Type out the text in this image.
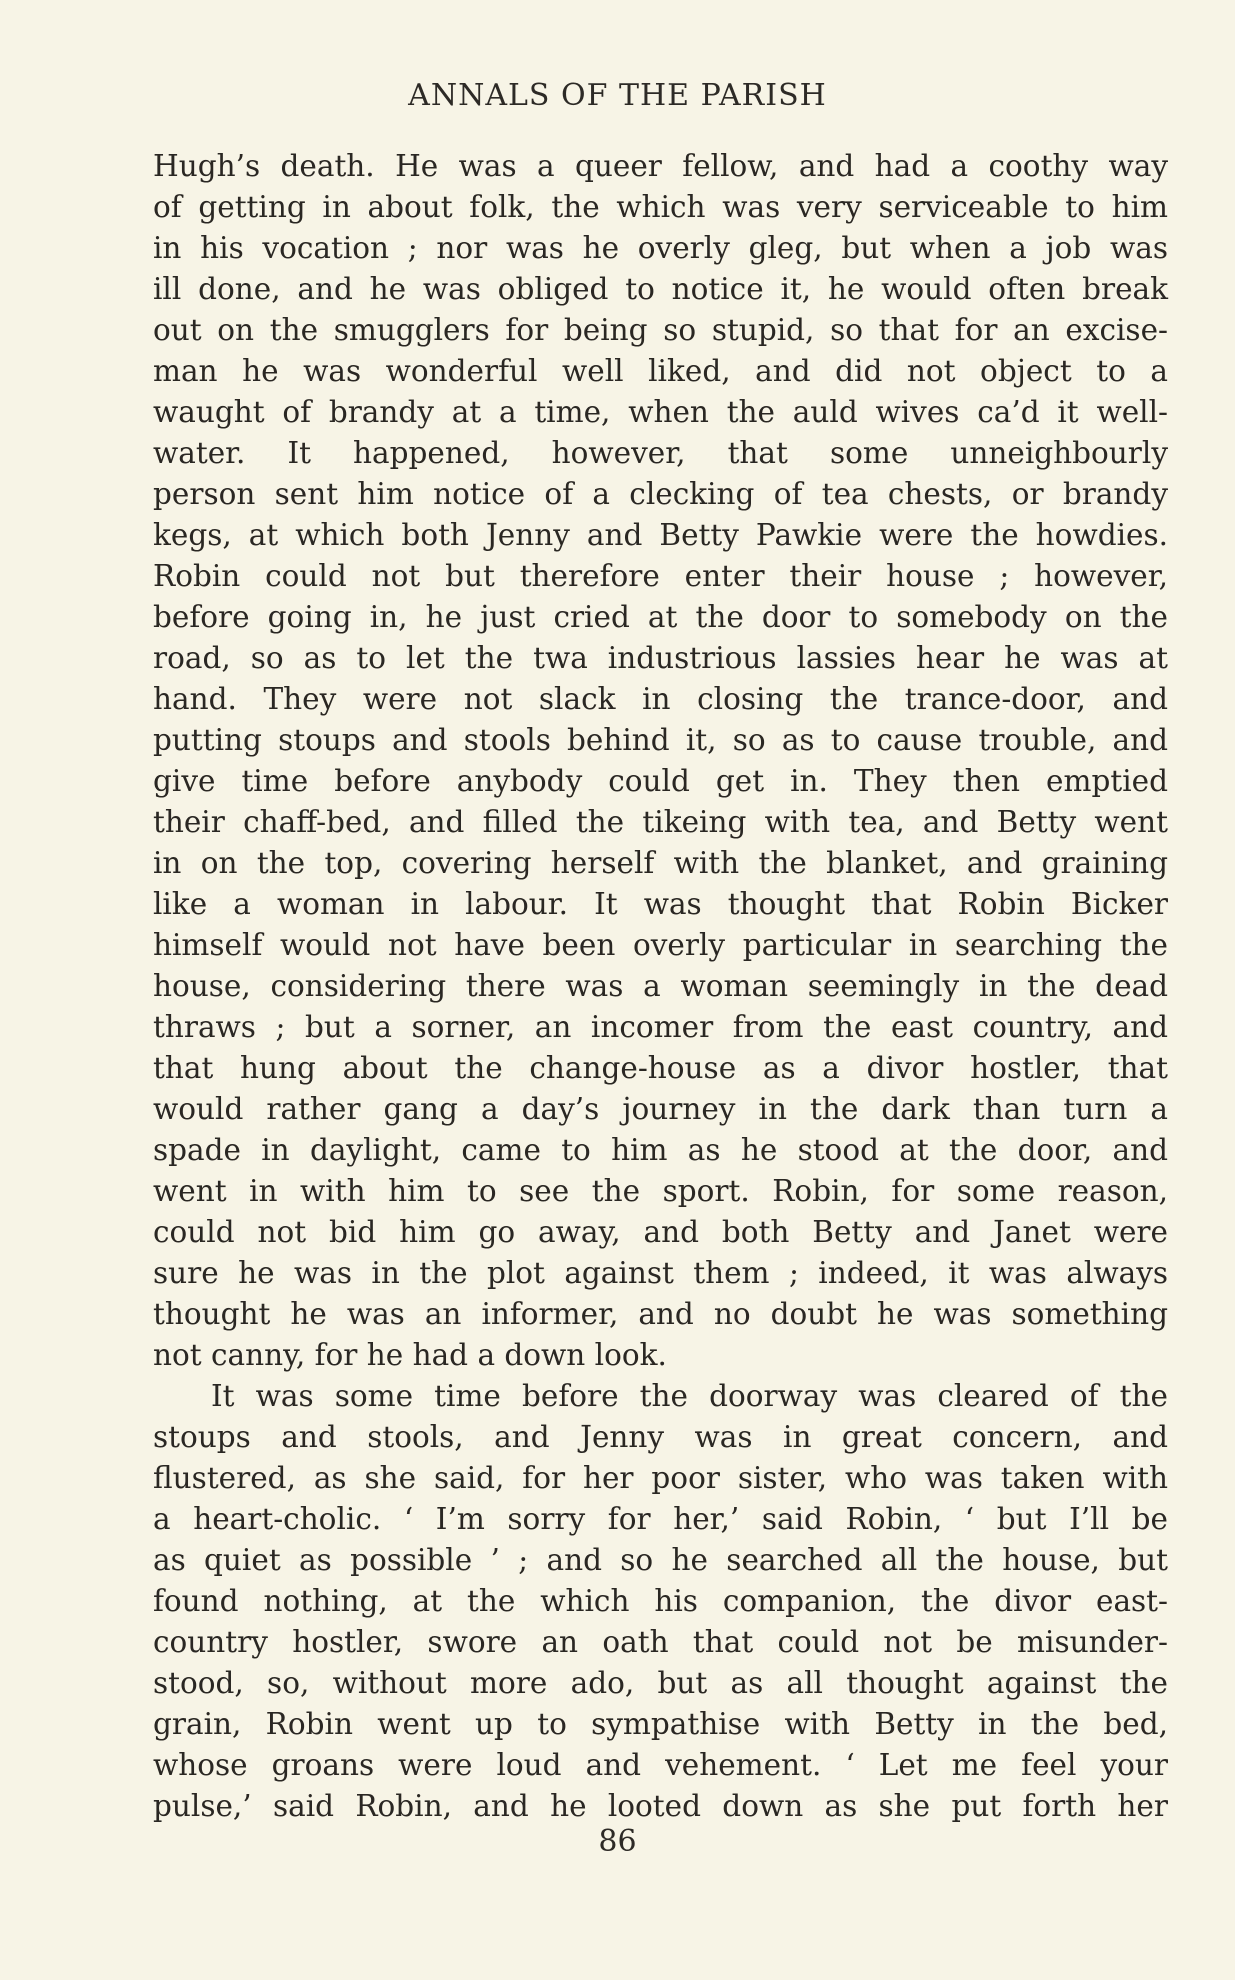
ANNALS OF THE PARISH
Hugh’s death. He was a queer fellow, and had a coothy way
of getting in about folk, the which was very serviceable to him
in his vocation ; nor was he overly gleg, but when a job was
ill done, and he was obliged to notice it, he would often break
out on the smugglers for being so stupid, so that for an excise-
man he was wonderful well liked, and did not object to a
waught of brandy at a time, when the auld wives ca’d it well-
water. It happened, however, that some unneighbourly
person sent him notice of a clecking of tea chests, or brandy
kegs, at which both Jenny and Betty Pawkie were the howdies.
Robin could not but therefore enter their house ; however,
before going in, he just cried at the door to somebody on the
road, so as to let the twa industrious lassies hear he was at
hand. They were not slack in closing the trance-door, and
putting stoups and stools behind it, so as to cause trouble, and
give time before anybody could get in. They then emptied
their chaff-bed, and filled the tikeing with tea, and Betty went
in on the top, covering herself with the blanket, and graining
like a woman in labour. It was thought that Robin Bicker
himself would not have been overly particular in searching the
house, considering there was a woman seemingly in the dead
thraws ; but a sorner, an incomer from the east country, and
that hung about the change-house as a divor hostler, that
would rather gang a day’s journey in the dark than turn a
spade in daylight, came to him as he stood at the door, and
went in with him to see the sport. Robin, for some reason,
could not bid him go away, and both Betty and Janet were
sure he was in the plot against them ; indeed, it was always
thought he was an informer, and no doubt he was something
not canny, for he had a down look.
It was some time before the doorway was cleared of the
stoups and stools, and Jenny was in great concern, and
flustered, as she said, for her poor sister, who was taken with
a heart-cholic. ‘ I’m sorry for her,’ said Robin, ‘ but I’ll be
as quiet as possible ’ ; and so he searched all the house, but
found nothing, at the which his companion, the divor east-
country hostler, swore an oath that could not be misunder-
stood, so, without more ado, but as all thought against the
grain, Robin went up to sympathise with Betty in the bed,
whose groans were loud and vehement. ‘ Let me feel your
pulse,’ said Robin, and he looted down as she put forth her
86
